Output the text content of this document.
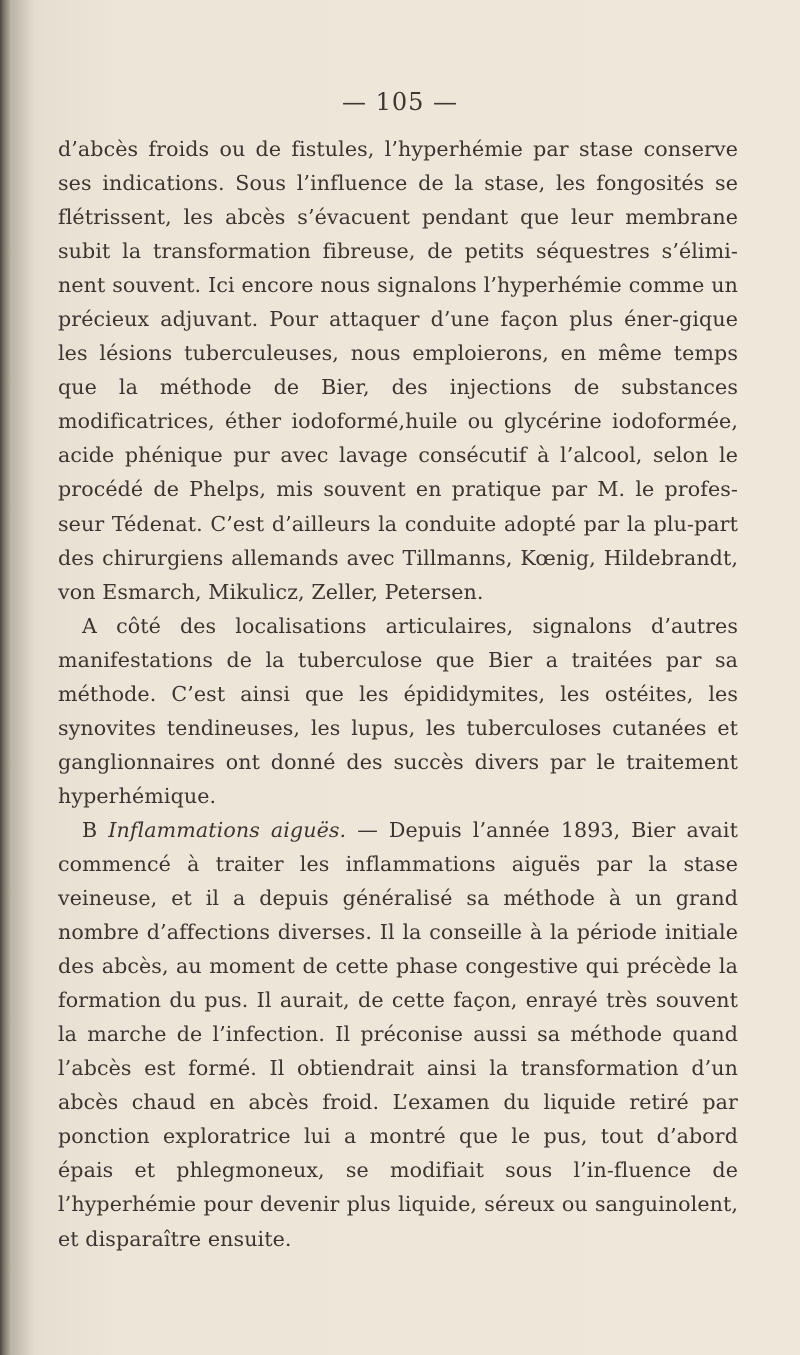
— 105 —

d’abcès froids ou de fistules, l’hyperhémie par stase conserve ses indications. Sous l’influence de la stase, les fongosités se flétrissent, les abcès s’évacuent pendant que leur membrane subit la transformation fibreuse, de petits séquestres s’élimi-nent souvent. Ici encore nous signalons l’hyperhémie comme un précieux adjuvant. Pour attaquer d’une façon plus éner-gique les lésions tuberculeuses, nous emploierons, en même temps que la méthode de Bier, des injections de substances modificatrices, éther iodoformé,huile ou glycérine iodoformée, acide phénique pur avec lavage consécutif à l’alcool, selon le procédé de Phelps, mis souvent en pratique par M. le profes-seur Tédenat. C’est d’ailleurs la conduite adopté par la plu-part des chirurgiens allemands avec Tillmanns, Kœnig, Hildebrandt, von Esmarch, Mikulicz, Zeller, Petersen.

A côté des localisations articulaires, signalons d’autres manifestations de la tuberculose que Bier a traitées par sa méthode. C’est ainsi que les épididymites, les ostéites, les synovites tendineuses, les lupus, les tuberculoses cutanées et ganglionnaires ont donné des succès divers par le traitement hyperhémique.

B Inflammations aiguës. — Depuis l’année 1893, Bier avait commencé à traiter les inflammations aiguës par la stase veineuse, et il a depuis généralisé sa méthode à un grand nombre d’affections diverses. Il la conseille à la période initiale des abcès, au moment de cette phase congestive qui précède la formation du pus. Il aurait, de cette façon, enrayé très souvent la marche de l’infection. Il préconise aussi sa méthode quand l’abcès est formé. Il obtiendrait ainsi la transformation d’un abcès chaud en abcès froid. L’examen du liquide retiré par ponction exploratrice lui a montré que le pus, tout d’abord épais et phlegmoneux, se modifiait sous l’in-fluence de l’hyperhémie pour devenir plus liquide, séreux ou sanguinolent, et disparaître ensuite.
